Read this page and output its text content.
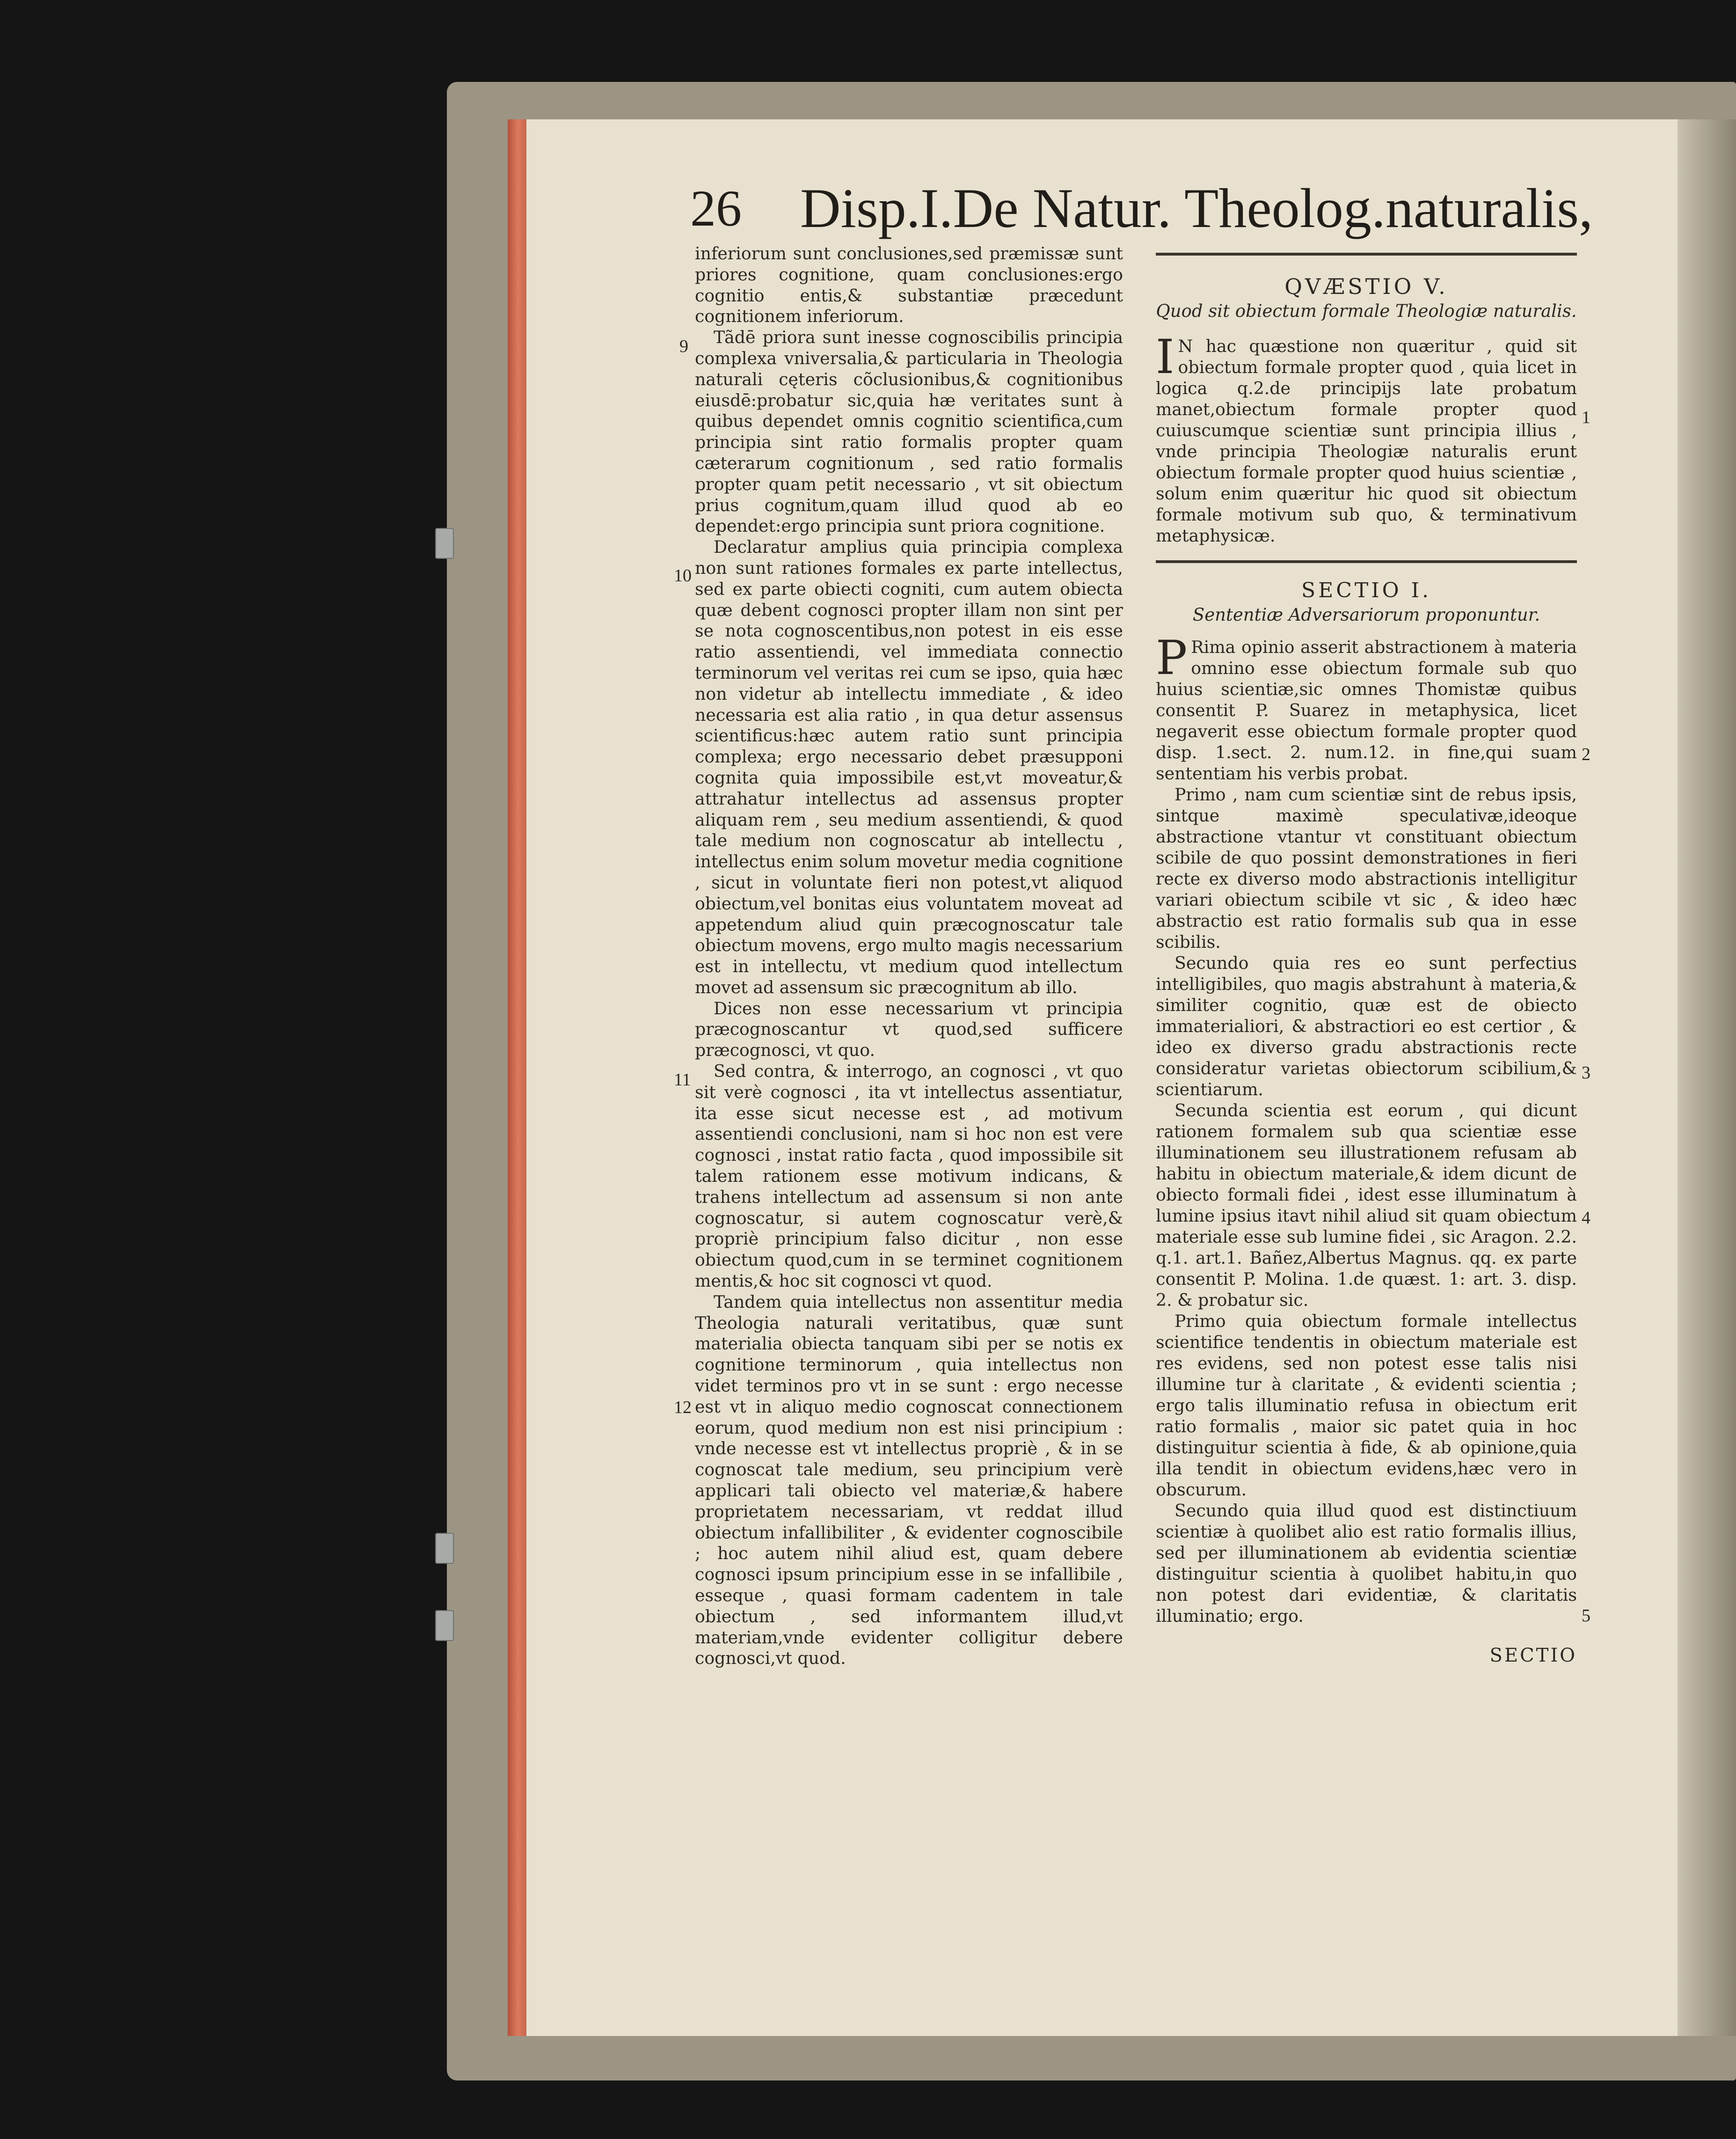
26 Disp.I.De Natur. Theolog.naturalis,

inferiorum sunt conclusiones,sed præmissæ sunt priores cognitione, quam conclusiones:ergo cognitio entis,& substantiæ præcedunt cognitionem inferiorum.

Tãdē priora sunt inesse cognoscibilis principia complexa vniversalia,& particularia in Theologia naturali cęteris cõclusionibus,& cognitionibus eiusdē:probatur sic,quia hæ veritates sunt à quibus dependet omnis cognitio scientifica,cum principia sint ratio formalis propter quam cæterarum cognitionum , sed ratio formalis propter quam petit necessario , vt sit obiectum prius cognitum,quam illud quod ab eo dependet:ergo principia sunt priora cognitione.

Declaratur amplius quia principia complexa non sunt rationes formales ex parte intellectus, sed ex parte obiecti cogniti, cum autem obiecta quæ debent cognosci propter illam non sint per se nota cognoscentibus,non potest in eis esse ratio assentiendi, vel immediata connectio terminorum vel veritas rei cum se ipso, quia hæc non videtur ab intellectu immediate , & ideo necessaria est alia ratio , in qua detur assensus scientificus:hæc autem ratio sunt principia complexa; ergo necessario debet præsupponi cognita quia impossibile est,vt moveatur,& attrahatur intellectus ad assensus propter aliquam rem , seu medium assentiendi, & quod tale medium non cognoscatur ab intellectu , intellectus enim solum movetur media cognitione , sicut in voluntate fieri non potest,vt aliquod obiectum,vel bonitas eius voluntatem moveat ad appetendum aliud quin præcognoscatur tale obiectum movens, ergo multo magis necessarium est in intellectu, vt medium quod intellectum movet ad assensum sic præcognitum ab illo.

Dices non esse necessarium vt principia præcognoscantur vt quod,sed sufficere præcognosci, vt quo.

Sed contra, & interrogo, an cognosci , vt quo sit verè cognosci , ita vt intellectus assentiatur, ita esse sicut necesse est , ad motivum assentiendi conclusioni, nam si hoc non est vere cognosci , instat ratio facta , quod impossibile sit talem rationem esse motivum indicans, & trahens intellectum ad assensum si non ante cognoscatur, si autem cognoscatur verè,& propriè principium falso dicitur , non esse obiectum quod,cum in se terminet cognitionem mentis,& hoc sit cognosci vt quod.

Tandem quia intellectus non assentitur media Theologia naturali veritatibus, quæ sunt materialia obiecta tanquam sibi per se notis ex cognitione terminorum , quia intellectus non videt terminos pro vt in se sunt : ergo necesse est vt in aliquo medio cognoscat connectionem eorum, quod medium non est nisi principium : vnde necesse est vt intellectus propriè , & in se cognoscat tale medium, seu principium verè applicari tali obiecto vel materiæ,& habere proprietatem necessariam, vt reddat illud obiectum infallibiliter , & evidenter cognoscibile ; hoc autem nihil aliud est, quam debere cognosci ipsum principium esse in se infallibile , esseque , quasi formam cadentem in tale obiectum , sed informantem illud,vt materiam,vnde evidenter colligitur debere cognosci,vt quod.

9
10
11
12

QVÆSTIO V.

Quod sit obiectum formale Theologiæ naturalis.

I N hac quæstione non quæritur , quid sit obiectum formale propter quod , quia licet in logica q.2.de principijs late probatum manet,obiectum formale propter quod cuiuscumque scientiæ sunt principia illius , vnde principia Theologiæ naturalis erunt obiectum formale propter quod huius scientiæ , solum enim quæritur hic quod sit obiectum formale motivum sub quo, & terminativum metaphysicæ.

SECTIO I.

Sententiæ Adversariorum proponuntur.

P Rima opinio asserit abstractionem à materia omnino esse obiectum formale sub quo huius scientiæ,sic omnes Thomistæ quibus consentit P. Suarez in metaphysica, licet negaverit esse obiectum formale propter quod disp. 1.sect. 2. num.12. in fine,qui suam sententiam his verbis probat.

Primo , nam cum scientiæ sint de rebus ipsis, sintque maximè speculativæ,ideoque abstractione vtantur vt constituant obiectum scibile de quo possint demonstrationes in fieri recte ex diverso modo abstractionis intelligitur variari obiectum scibile vt sic , & ideo hæc abstractio est ratio formalis sub qua in esse scibilis.

Secundo quia res eo sunt perfectius intelligibiles, quo magis abstrahunt à materia,& similiter cognitio, quæ est de obiecto immaterialiori, & abstractiori eo est certior , & ideo ex diverso gradu abstractionis recte consideratur varietas obiectorum scibilium,& scientiarum.

Secunda scientia est eorum , qui dicunt rationem formalem sub qua scientiæ esse illuminationem seu illustrationem refusam ab habitu in obiectum materiale,& idem dicunt de obiecto formali fidei , idest esse illuminatum à lumine ipsius itavt nihil aliud sit quam obiectum materiale esse sub lumine fidei , sic Aragon. 2.2. q.1. art.1. Bañez,Albertus Magnus. qq. ex parte consentit P. Molina. 1.de quæst. 1: art. 3. disp. 2. & probatur sic.

Primo quia obiectum formale intellectus scientifice tendentis in obiectum materiale est res evidens, sed non potest esse talis nisi illumine tur à claritate , & evidenti scientia ; ergo talis illuminatio refusa in obiectum erit ratio formalis , maior sic patet quia in hoc distinguitur scientia à fide, & ab opinione,quia illa tendit in obiectum evidens,hæc vero in obscurum.

Secundo quia illud quod est distinctiuum scientiæ à quolibet alio est ratio formalis illius, sed per illuminationem ab evidentia scientiæ distinguitur scientia à quolibet habitu,in quo non potest dari evidentiæ, & claritatis illuminatio; ergo.

SECTIO

1
2
3
4
5
